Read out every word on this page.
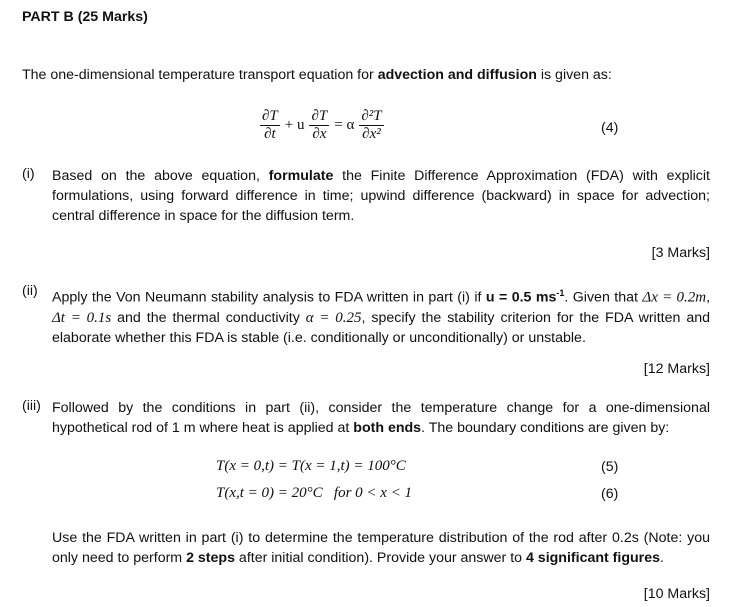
PART B (25 Marks)
The one-dimensional temperature transport equation for advection and diffusion is given as:
$\frac{\partial T}{\partial t} + u \frac{\partial T}{\partial x} = \alpha \frac{\text{∂²T}}{\text{∂x²}}$	(4)
(i) Based on the above equation, formulate the Finite Difference Approximation (FDA) with explicit formulations, using forward difference in time; upwind difference (backward) in space for advection; central difference in space for the diffusion term.
[3 Marks]
(ii) Apply the Von Neumann stability analysis to FDA written in part (i) if u = 0.5 $ms^{-1}$. Given that Δx = 0.2m, Δt = 0.1s and the thermal conductivity α = 0.25, specify the stability criterion for the FDA written and elaborate whether this FDA is stable (i.e. conditionally or unconditionally) or unstable.
[12 Marks]
(iii) Followed by the conditions in part (ii), consider the temperature change for a one-dimensional hypothetical rod of 1 m where heat is applied at both ends. The boundary conditions are given by:
T(x = 0,t) = T(x = 1,t) = 100°C	(5)
T(x,t = 0) = 20°C   for 0 < x < 1	(6)
Use the FDA written in part (i) to determine the temperature distribution of the rod after 0.2s (Note: you only need to perform 2 steps after initial condition). Provide your answer to 4 significant figures.
[10 Marks]
